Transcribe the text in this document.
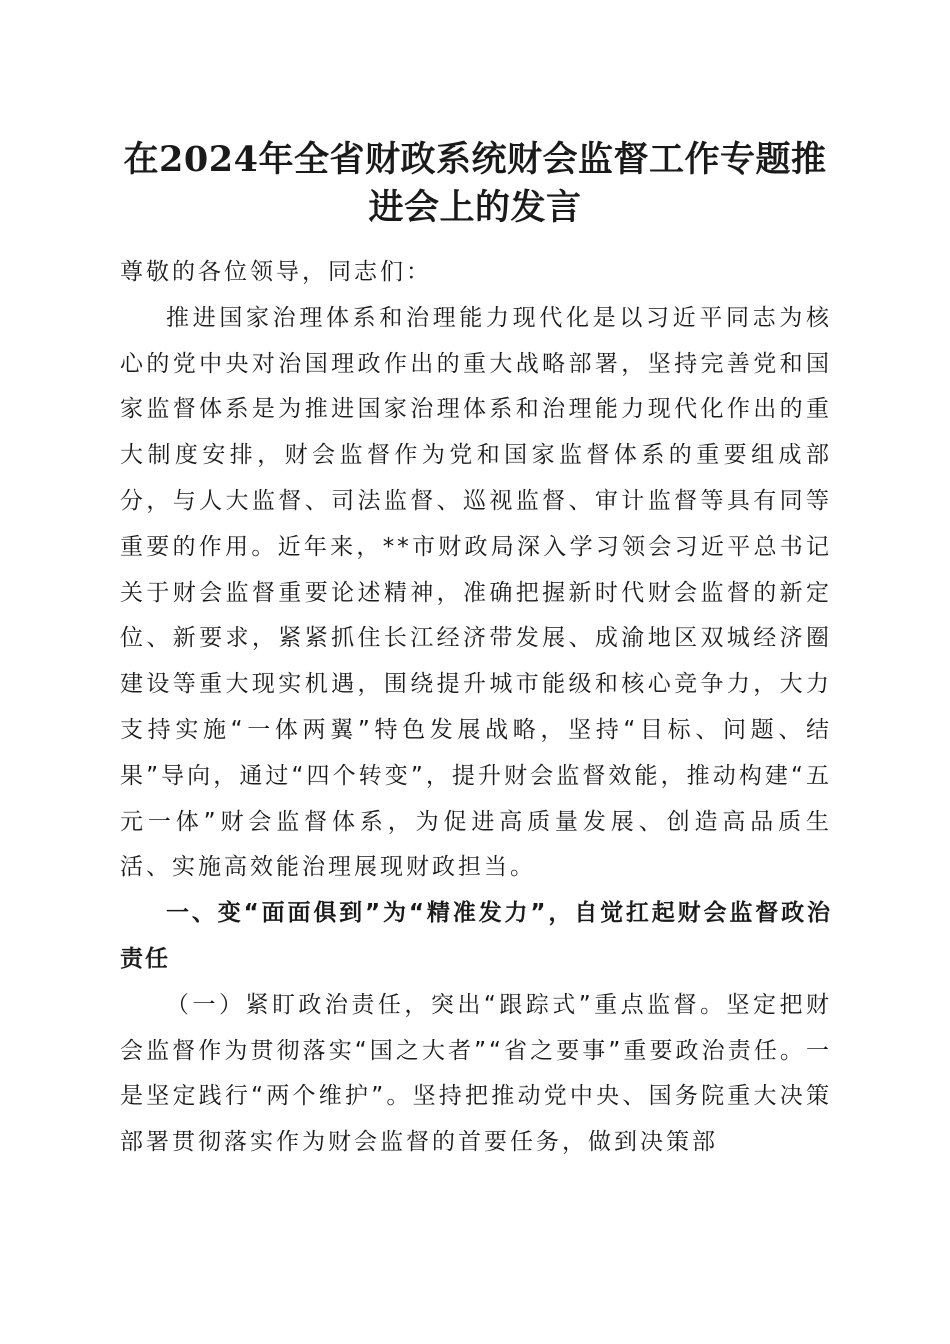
在2024年全省财政系统财会监督工作专题推
进会上的发言

尊敬的各位领导，同志们：

推进国家治理体系和治理能力现代化是以习近平同志为核心的党中央对治国理政作出的重大战略部署，坚持完善党和国家监督体系是为推进国家治理体系和治理能力现代化作出的重大制度安排，财会监督作为党和国家监督体系的重要组成部分，与人大监督、司法监督、巡视监督、审计监督等具有同等重要的作用。近年来，**市财政局深入学习领会习近平总书记关于财会监督重要论述精神，准确把握新时代财会监督的新定位、新要求，紧紧抓住长江经济带发展、成渝地区双城经济圈建设等重大现实机遇，围绕提升城市能级和核心竞争力，大力支持实施“一体两翼”特色发展战略，坚持“目标、问题、结果”导向，通过“四个转变”，提升财会监督效能，推动构建“五元一体”财会监督体系，为促进高质量发展、创造高品质生活、实施高效能治理展现财政担当。

一、变“面面俱到”为“精准发力”，自觉扛起财会监督政治责任

（一）紧盯政治责任，突出“跟踪式”重点监督。坚定把财会监督作为贯彻落实“国之大者”“省之要事”重要政治责任。一是坚定践行“两个维护”。坚持把推动党中央、国务院重大决策部署贯彻落实作为财会监督的首要任务，做到决策部
